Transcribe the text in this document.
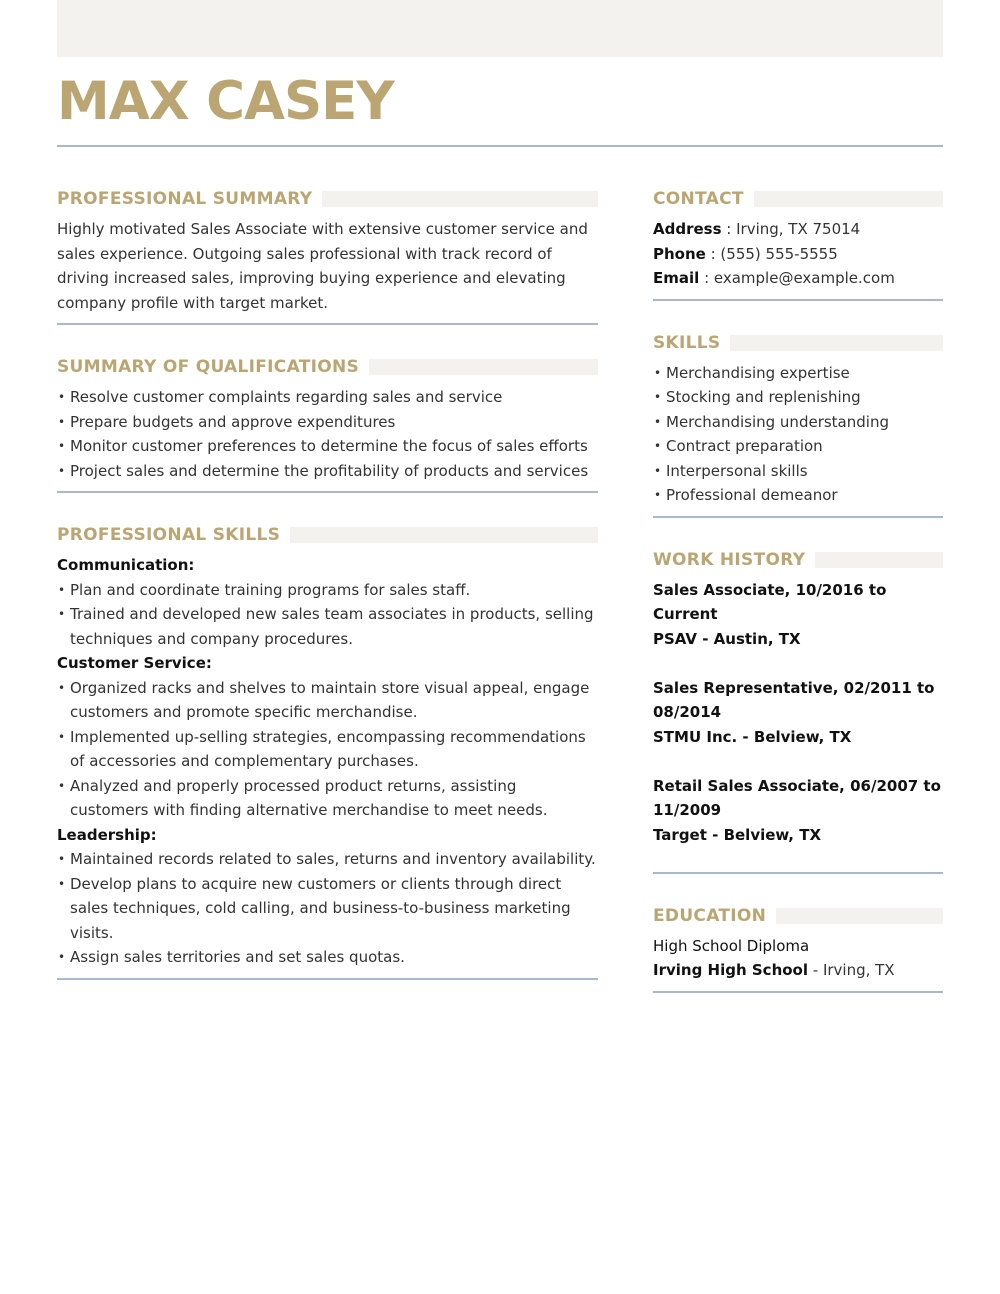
MAX CASEY
PROFESSIONAL SUMMARY

Highly motivated Sales Associate with extensive customer service and sales experience. Outgoing sales professional with track record of driving increased sales, improving buying experience and elevating company profile with target market.

SUMMARY OF QUALIFICATIONS
• Resolve customer complaints regarding sales and service
• Prepare budgets and approve expenditures
• Monitor customer preferences to determine the focus of sales efforts
• Project sales and determine the profitability of products and services
PROFESSIONAL SKILLS
Communication:
• Plan and coordinate training programs for sales staff.
• Trained and developed new sales team associates in products, selling techniques and company procedures.
Customer Service:
• Organized racks and shelves to maintain store visual appeal, engage customers and promote specific merchandise.
• Implemented up-selling strategies, encompassing recommendations of accessories and complementary purchases.
• Analyzed and properly processed product returns, assisting customers with finding alternative merchandise to meet needs.
Leadership:
• Maintained records related to sales, returns and inventory availability.
• Develop plans to acquire new customers or clients through direct sales techniques, cold calling, and business-to-business marketing visits.
• Assign sales territories and set sales quotas.
CONTACT
Address : Irving, TX 75014
Phone : (555) 555-5555
Email : example@example.com
SKILLS
• Merchandising expertise
• Stocking and replenishing
• Merchandising understanding
• Contract preparation
• Interpersonal skills
• Professional demeanor
WORK HISTORY
Sales Associate, 10/2016 to Current
PSAV - Austin, TX
Sales Representative, 02/2011 to 08/2014
STMU Inc. - Belview, TX
Retail Sales Associate, 06/2007 to 11/2009
Target - Belview, TX
EDUCATION
High School Diploma
Irving High School - Irving, TX
